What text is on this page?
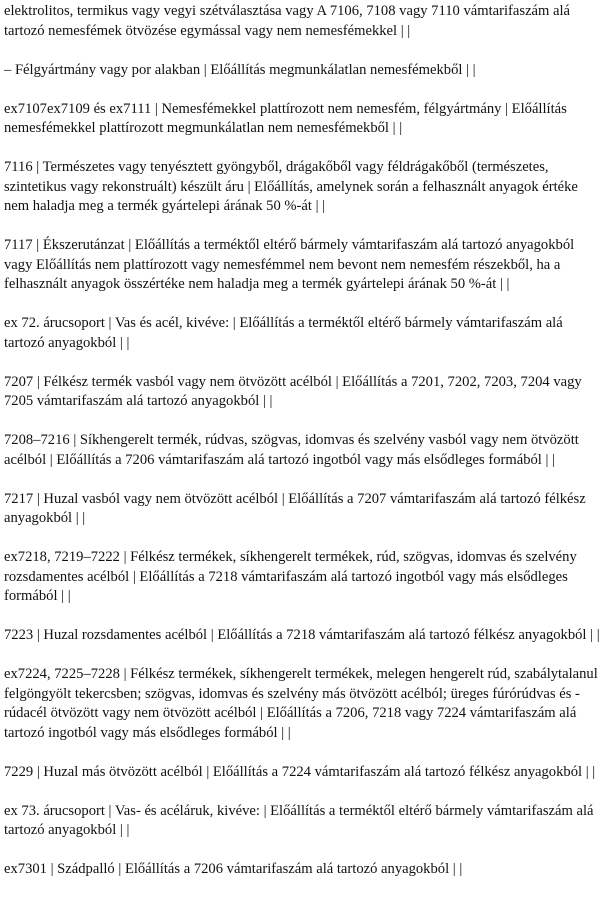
elektrolitos, termikus vagy vegyi szétválasztása vagy A 7106, 7108 vagy 7110 vámtarifaszám alá tartozó nemesfémek ötvözése egymással vagy nem nemesfémekkel | |

– Félgyártmány vagy por alakban | Előállítás megmunkálatlan nemesfémekből | |

ex7107ex7109 és ex7111 | Nemesfémekkel plattírozott nem nemesfém, félgyártmány | Előállítás nemesfémekkel plattírozott megmunkálatlan nem nemesfémekből | |

7116 | Természetes vagy tenyésztett gyöngyből, drágakőből vagy féldrágakőből (természetes, szintetikus vagy rekonstruált) készült áru | Előállítás, amelynek során a felhasznált anyagok értéke nem haladja meg a termék gyártelepi árának 50 %-át | |

7117 | Ékszerutánzat | Előállítás a terméktől eltérő bármely vámtarifaszám alá tartozó anyagokból vagy Előállítás nem plattírozott vagy nemesfémmel nem bevont nem nemesfém részekből, ha a felhasznált anyagok összértéke nem haladja meg a termék gyártelepi árának 50 %-át | |

ex 72. árucsoport | Vas és acél, kivéve: | Előállítás a terméktől eltérő bármely vámtarifaszám alá tartozó anyagokból | |

7207 | Félkész termék vasból vagy nem ötvözött acélból | Előállítás a 7201, 7202, 7203, 7204 vagy 7205 vámtarifaszám alá tartozó anyagokból | |

7208–7216 | Síkhengerelt termék, rúdvas, szögvas, idomvas és szelvény vasból vagy nem ötvözött acélból | Előállítás a 7206 vámtarifaszám alá tartozó ingotból vagy más elsődleges formából | |

7217 | Huzal vasból vagy nem ötvözött acélból | Előállítás a 7207 vámtarifaszám alá tartozó félkész anyagokból | |

ex7218, 7219–7222 | Félkész termékek, síkhengerelt termékek, rúd, szögvas, idomvas és szelvény rozsdamentes acélból | Előállítás a 7218 vámtarifaszám alá tartozó ingotból vagy más elsődleges formából | |

7223 | Huzal rozsdamentes acélból | Előállítás a 7218 vámtarifaszám alá tartozó félkész anyagokból | |

ex7224, 7225–7228 | Félkész termékek, síkhengerelt termékek, melegen hengerelt rúd, szabálytalanul felgöngyölt tekercsben; szögvas, idomvas és szelvény más ötvözött acélból; üreges fúrórúdvas és -rúdacél ötvözött vagy nem ötvözött acélból | Előállítás a 7206, 7218 vagy 7224 vámtarifaszám alá tartozó ingotból vagy más elsődleges formából | |

7229 | Huzal más ötvözött acélból | Előállítás a 7224 vámtarifaszám alá tartozó félkész anyagokból | |

ex 73. árucsoport | Vas- és acéláruk, kivéve: | Előállítás a terméktől eltérő bármely vámtarifaszám alá tartozó anyagokból | |

ex7301 | Szádpalló | Előállítás a 7206 vámtarifaszám alá tartozó anyagokból | |
